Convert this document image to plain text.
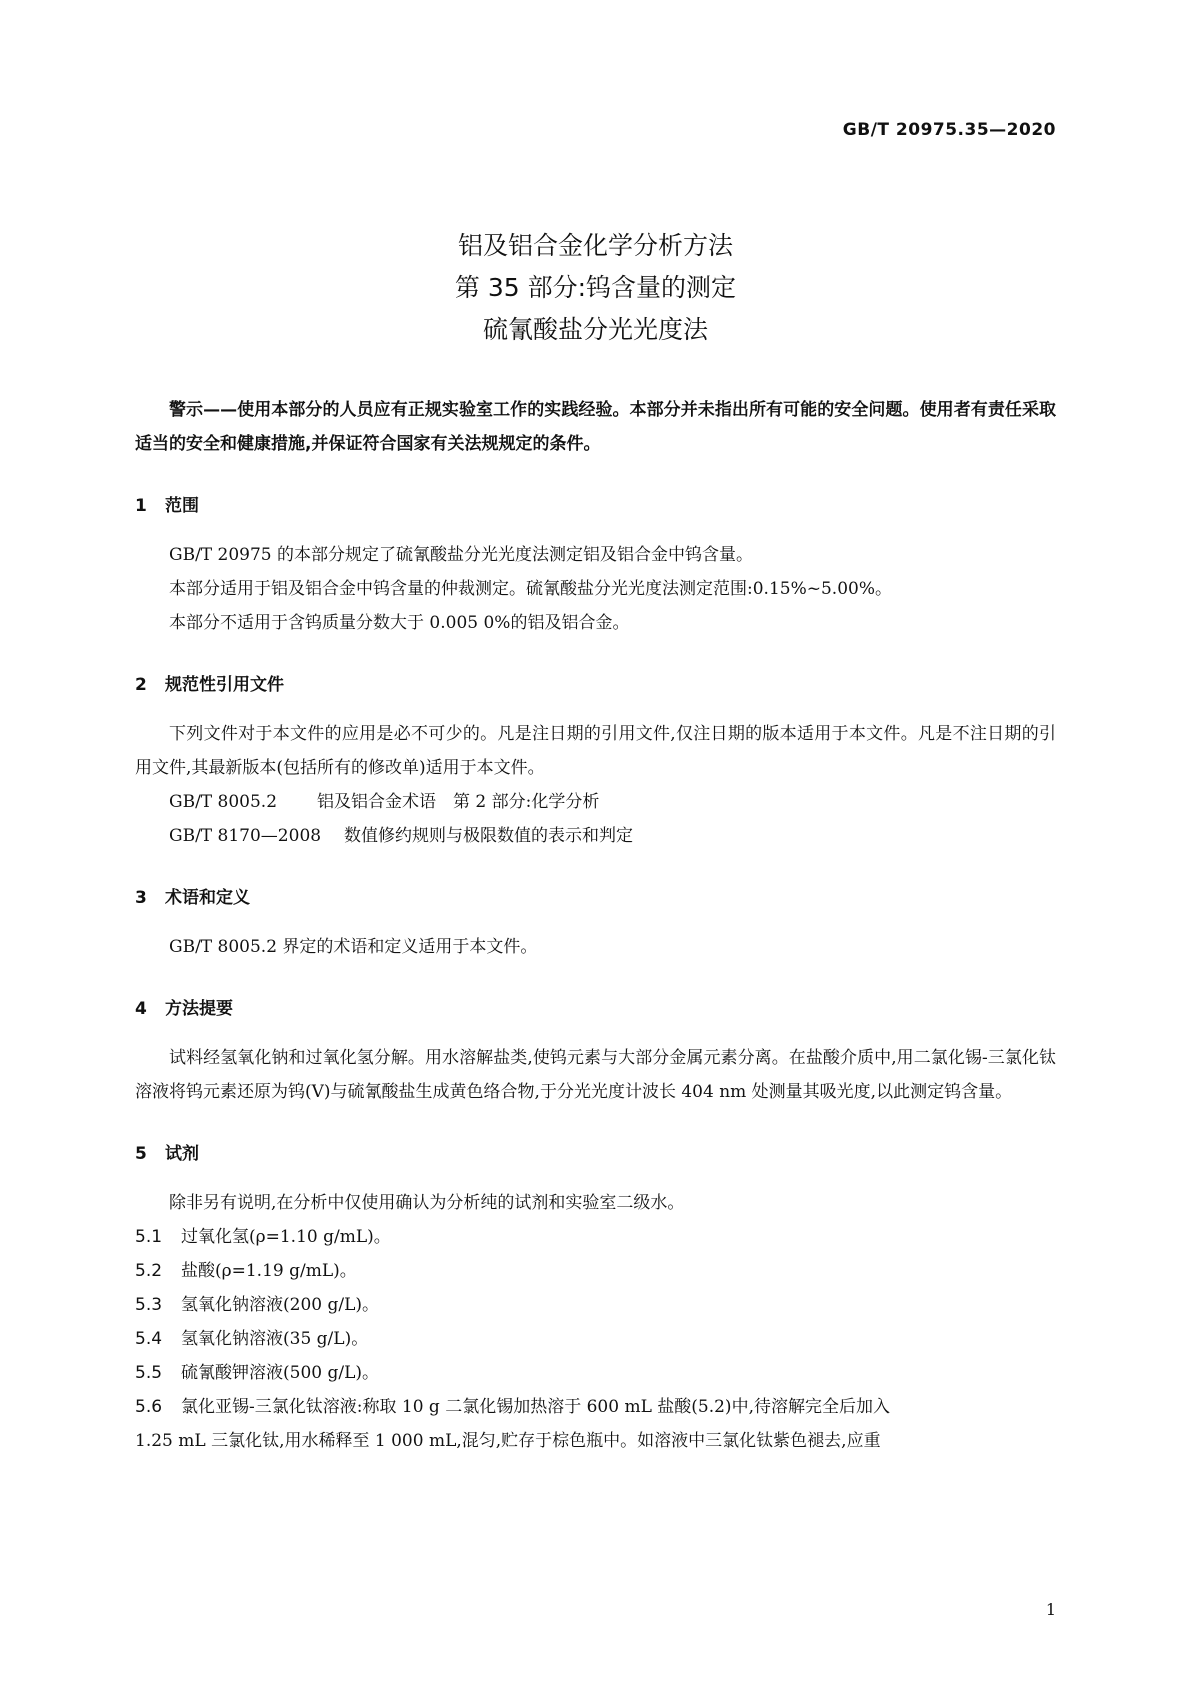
GB/T 20975.35—2020
铝及铝合金化学分析方法
第 35 部分:钨含量的测定
硫氰酸盐分光光度法

警示——使用本部分的人员应有正规实验室工作的实践经验。本部分并未指出所有可能的安全问题。使用者有责任采取适当的安全和健康措施,并保证符合国家有关法规规定的条件。

1 范围

GB/T 20975 的本部分规定了硫氰酸盐分光光度法测定铝及铝合金中钨含量。

本部分适用于铝及铝合金中钨含量的仲裁测定。硫氰酸盐分光光度法测定范围:0.15%~5.00%。

本部分不适用于含钨质量分数大于 0.005 0%的铝及铝合金。

2 规范性引用文件

下列文件对于本文件的应用是必不可少的。凡是注日期的引用文件,仅注日期的版本适用于本文件。凡是不注日期的引用文件,其最新版本(包括所有的修改单)适用于本文件。

GB/T 8005.2 铝及铝合金术语　第 2 部分:化学分析

GB/T 8170—2008 数值修约规则与极限数值的表示和判定

3 术语和定义

GB/T 8005.2 界定的术语和定义适用于本文件。

4 方法提要

试料经氢氧化钠和过氧化氢分解。用水溶解盐类,使钨元素与大部分金属元素分离。在盐酸介质中,用二氯化锡-三氯化钛溶液将钨元素还原为钨(V)与硫氰酸盐生成黄色络合物,于分光光度计波长 404 nm 处测量其吸光度,以此测定钨含量。

5 试剂

除非另有说明,在分析中仅使用确认为分析纯的试剂和实验室二级水。

5.1 过氧化氢(ρ=1.10 g/mL)。

5.2 盐酸(ρ=1.19 g/mL)。

5.3 氢氧化钠溶液(200 g/L)。

5.4 氢氧化钠溶液(35 g/L)。

5.5 硫氰酸钾溶液(500 g/L)。

5.6 氯化亚锡-三氯化钛溶液:称取 10 g 二氯化锡加热溶于 600 mL 盐酸(5.2)中,待溶解完全后加入

1.25 mL 三氯化钛,用水稀释至 1 000 mL,混匀,贮存于棕色瓶中。如溶液中三氯化钛紫色褪去,应重

1
